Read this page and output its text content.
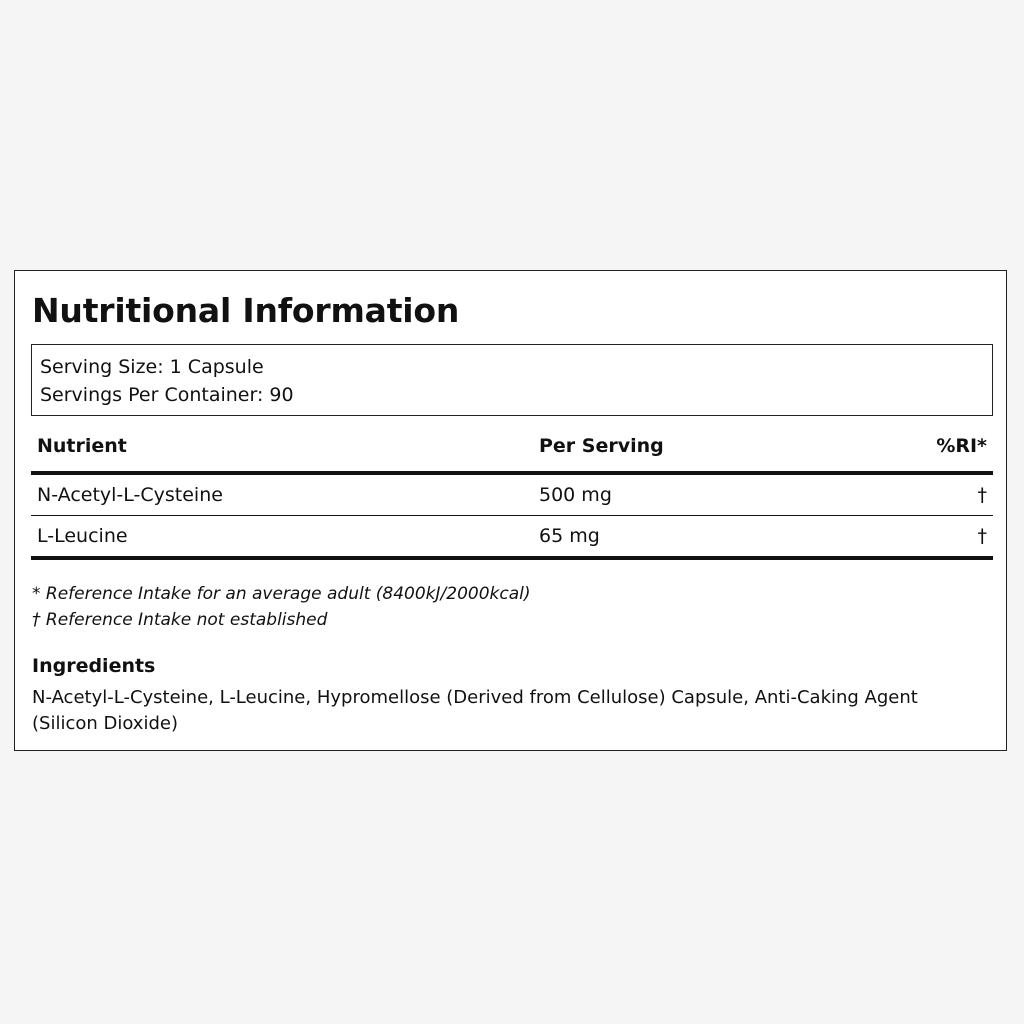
Nutritional Information
Serving Size: 1 Capsule
Servings Per Container: 90
Nutrient	Per Serving	%RI*
N-Acetyl-L-Cysteine	500 mg	†
L-Leucine	65 mg	†
* Reference Intake for an average adult (8400kJ/2000kcal)
† Reference Intake not established
Ingredients

N-Acetyl-L-Cysteine, L-Leucine, Hypromellose (Derived from Cellulose) Capsule, Anti-Caking Agent (Silicon Dioxide)
